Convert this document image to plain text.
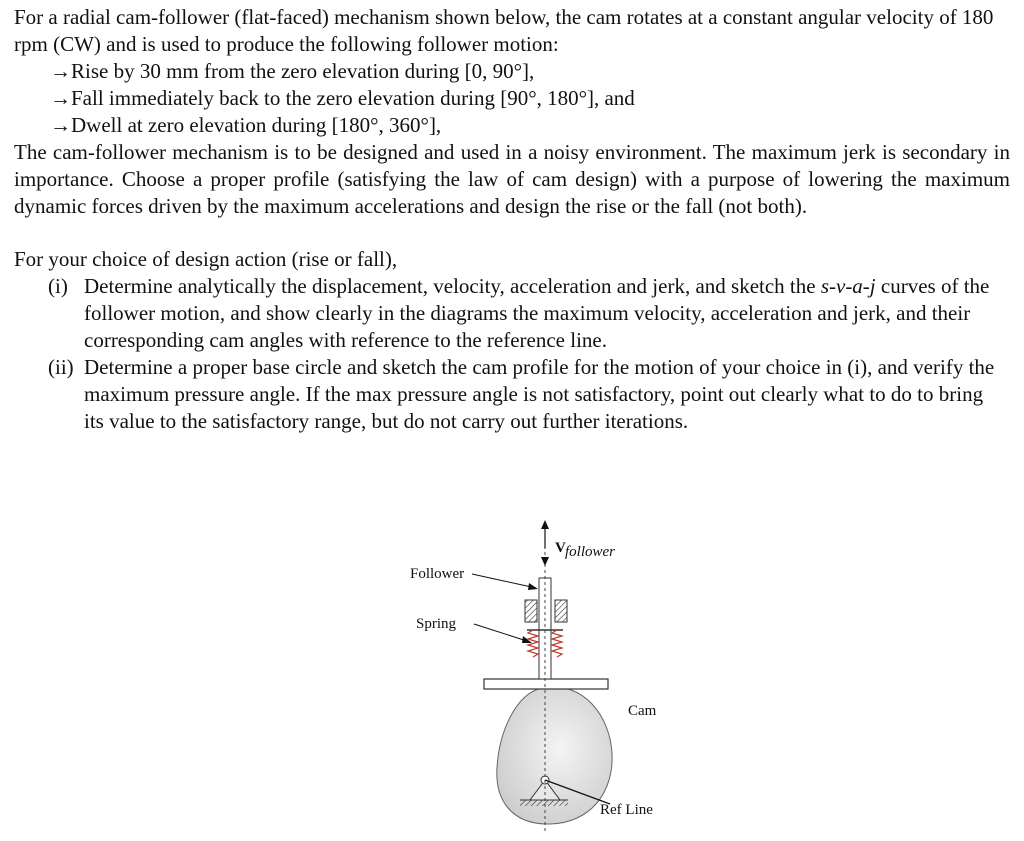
For a radial cam-follower (flat-faced) mechanism shown below, the cam rotates at a constant angular velocity of 180 rpm (CW) and is used to produce the following follower motion:

→Rise by 30 mm from the zero elevation during [0, 90°],

→Fall immediately back to the zero elevation during [90°, 180°], and

→Dwell at zero elevation during [180°, 360°],

The cam-follower mechanism is to be designed and used in a noisy environment. The maximum jerk is secondary in importance. Choose a proper profile (satisfying the law of cam design) with a purpose of lowering the maximum dynamic forces driven by the maximum accelerations and design the rise or the fall (not both).

For your choice of design action (rise or fall),

(i) Determine analytically the displacement, velocity, acceleration and jerk, and sketch the s-v-a-j curves of the follower motion, and show clearly in the diagrams the maximum velocity, acceleration and jerk, and their corresponding cam angles with reference to the reference line.
(ii) Determine a proper base circle and sketch the cam profile for the motion of your choice in (i), and verify the maximum pressure angle. If the max pressure angle is not satisfactory, point out clearly what to do to bring its value to the satisfactory range, but do not carry out further iterations.
V follower
Follower
Spring
Cam
Ref Line
